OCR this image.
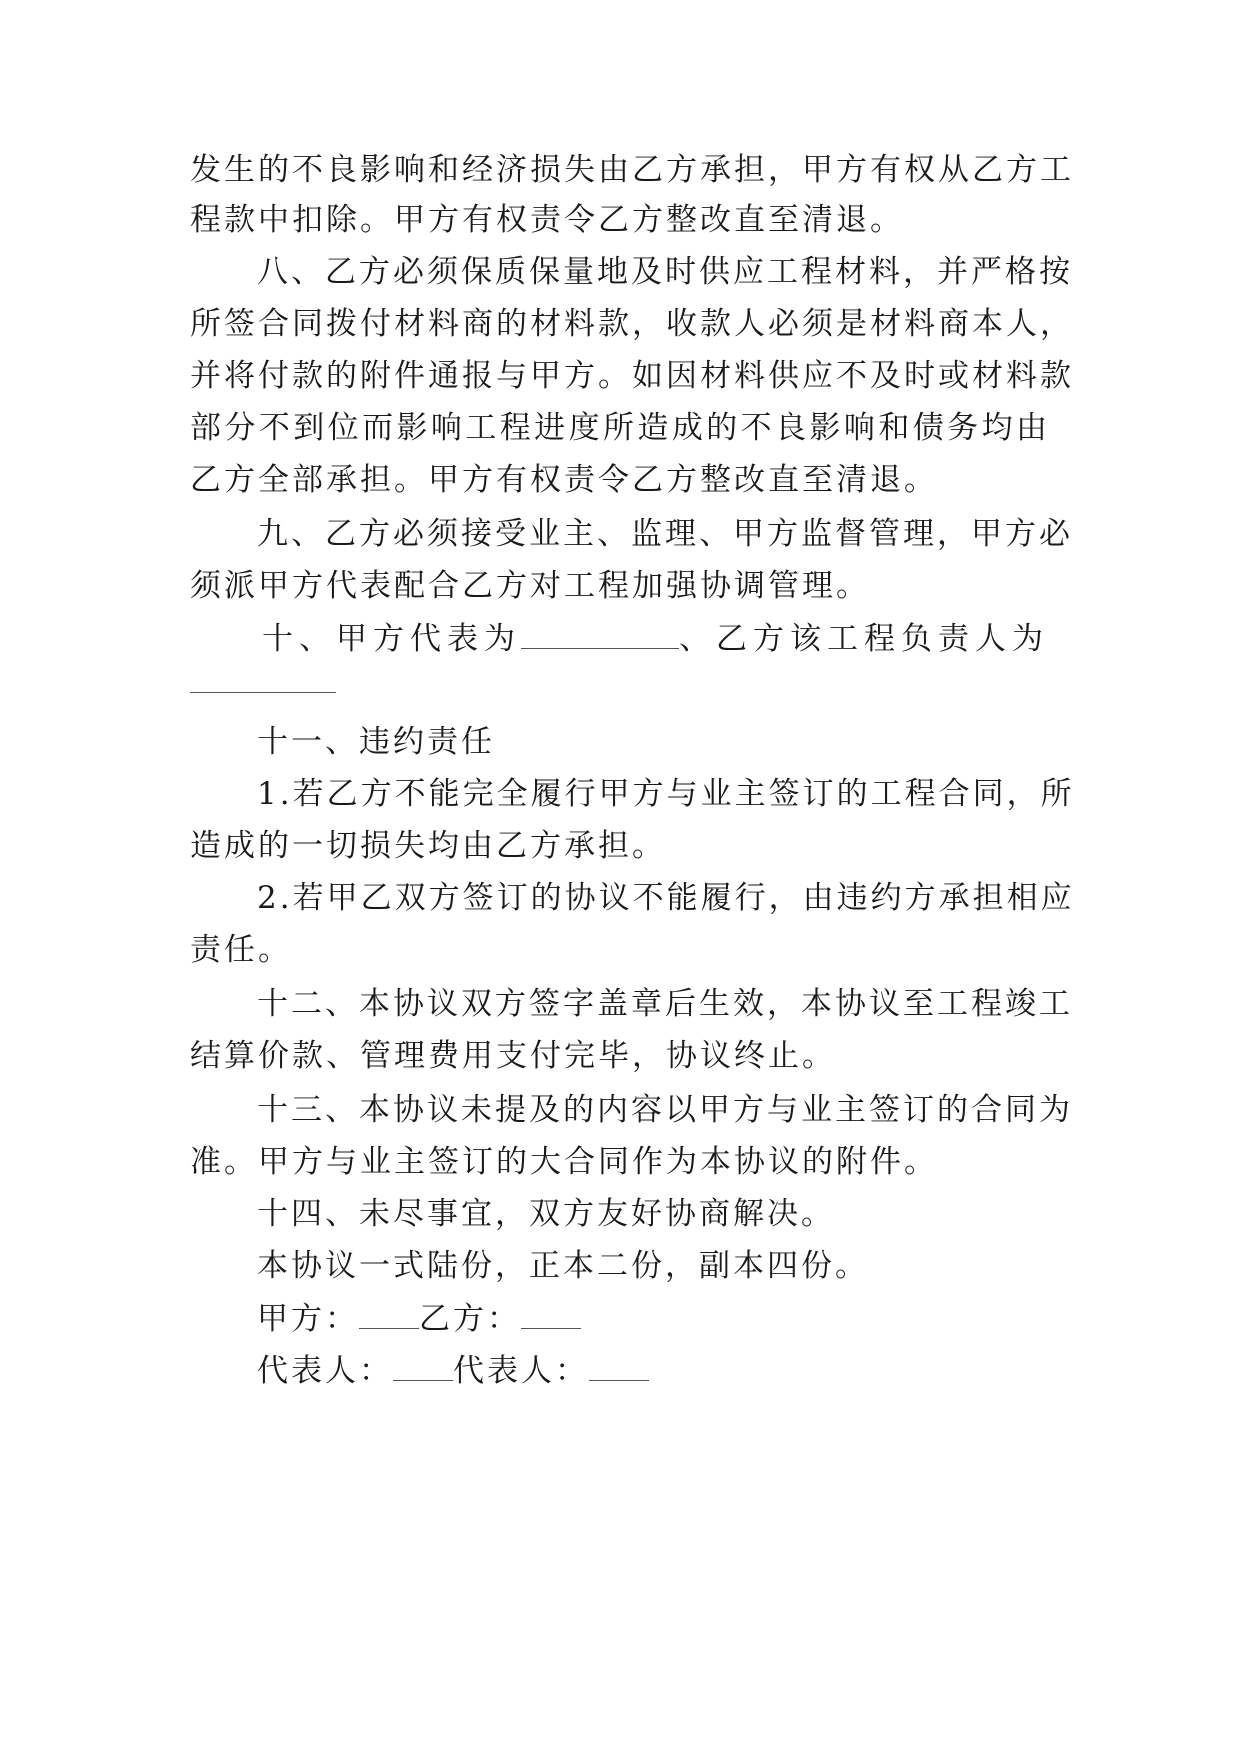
发生的不良影响和经济损失由乙方承担，甲方有权从乙方工
程款中扣除。甲方有权责令乙方整改直至清退。
八、乙方必须保质保量地及时供应工程材料，并严格按
所签合同拨付材料商的材料款，收款人必须是材料商本人，
并将付款的附件通报与甲方。如因材料供应不及时或材料款
部分不到位而影响工程进度所造成的不良影响和债务均由
乙方全部承担。甲方有权责令乙方整改直至清退。
九、乙方必须接受业主、监理、甲方监督管理，甲方必
须派甲方代表配合乙方对工程加强协调管理。
十、甲方代表为	、乙方该工程负责人为
十一、违约责任
1.若乙方不能完全履行甲方与业主签订的工程合同，所
造成的一切损失均由乙方承担。
2.若甲乙双方签订的协议不能履行，由违约方承担相应
责任。
十二、本协议双方签字盖章后生效，本协议至工程竣工
结算价款、管理费用支付完毕，协议终止。
十三、本协议未提及的内容以甲方与业主签订的合同为
准。甲方与业主签订的大合同作为本协议的附件。
十四、未尽事宜，双方友好协商解决。
本协议一式陆份，正本二份，副本四份。
甲方： 乙方：
代表人： 代表人：
